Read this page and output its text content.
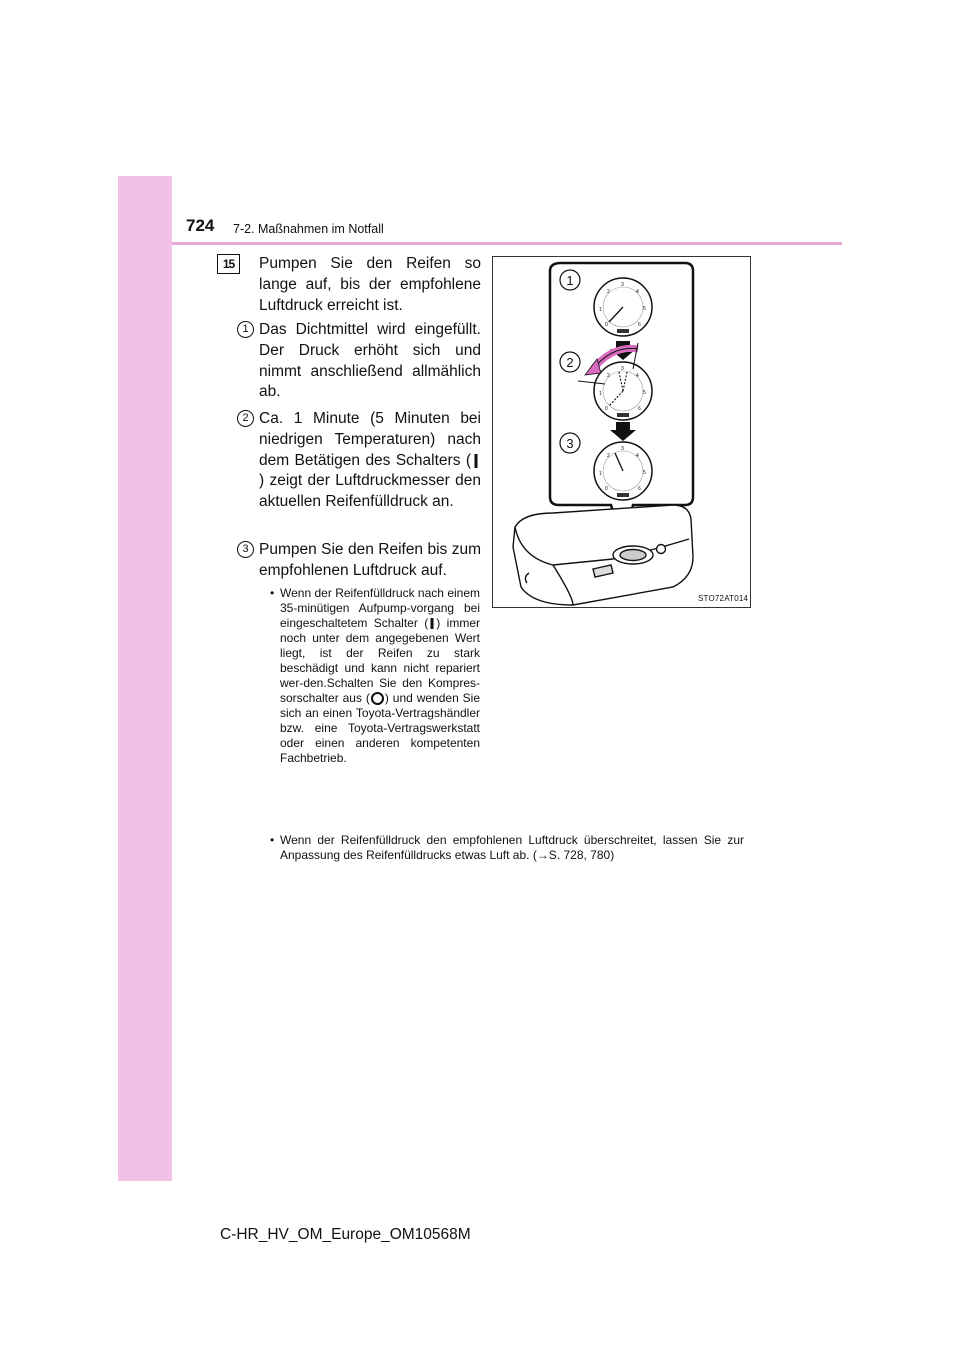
724 7-2. Maßnahmen im Notfall
15	Pumpen Sie den Reifen so lange auf, bis der empfohlene Luftdruck erreicht ist.
1 Das Dichtmittel wird eingefüllt. Der Druck erhöht sich und nimmt anschließend allmählich ab.
2 Ca. 1 Minute (5 Minuten bei niedrigen Temperaturen) nach dem Betätigen des Schalters () zeigt der Luftdruckmesser den aktuellen Reifenfülldruck an.
3 Pumpen Sie den Reifen bis zum empfohlenen Luftdruck auf.
• Wenn der Reifenfülldruck nach einem 35-minütigen Aufpump-vorgang bei eingeschaltetem Schalter ( ) immer noch unter dem angegebenen Wert liegt, ist der Reifen zu stark beschädigt und kann nicht repariert wer-den.Schalten Sie den Kompres-sorschalter aus ( ) und wenden Sie sich an einen Toyota-Vertragshändler bzw. eine Toyota-Vertragswerkstatt oder einen anderen kompetenten Fachbetrieb.
• Wenn der Reifenfülldruck den empfohlenen Luftdruck überschreitet, lassen Sie zur Anpassung des Reifenfülldrucks etwas Luft ab. (→S. 728, 780)
1
2
3
0
1
2
3
4
5
6
0
1
2
3
4
5
6
0
1
2
3
4
5
6
STO72AT014
C-HR_HV_OM_Europe_OM10568M
